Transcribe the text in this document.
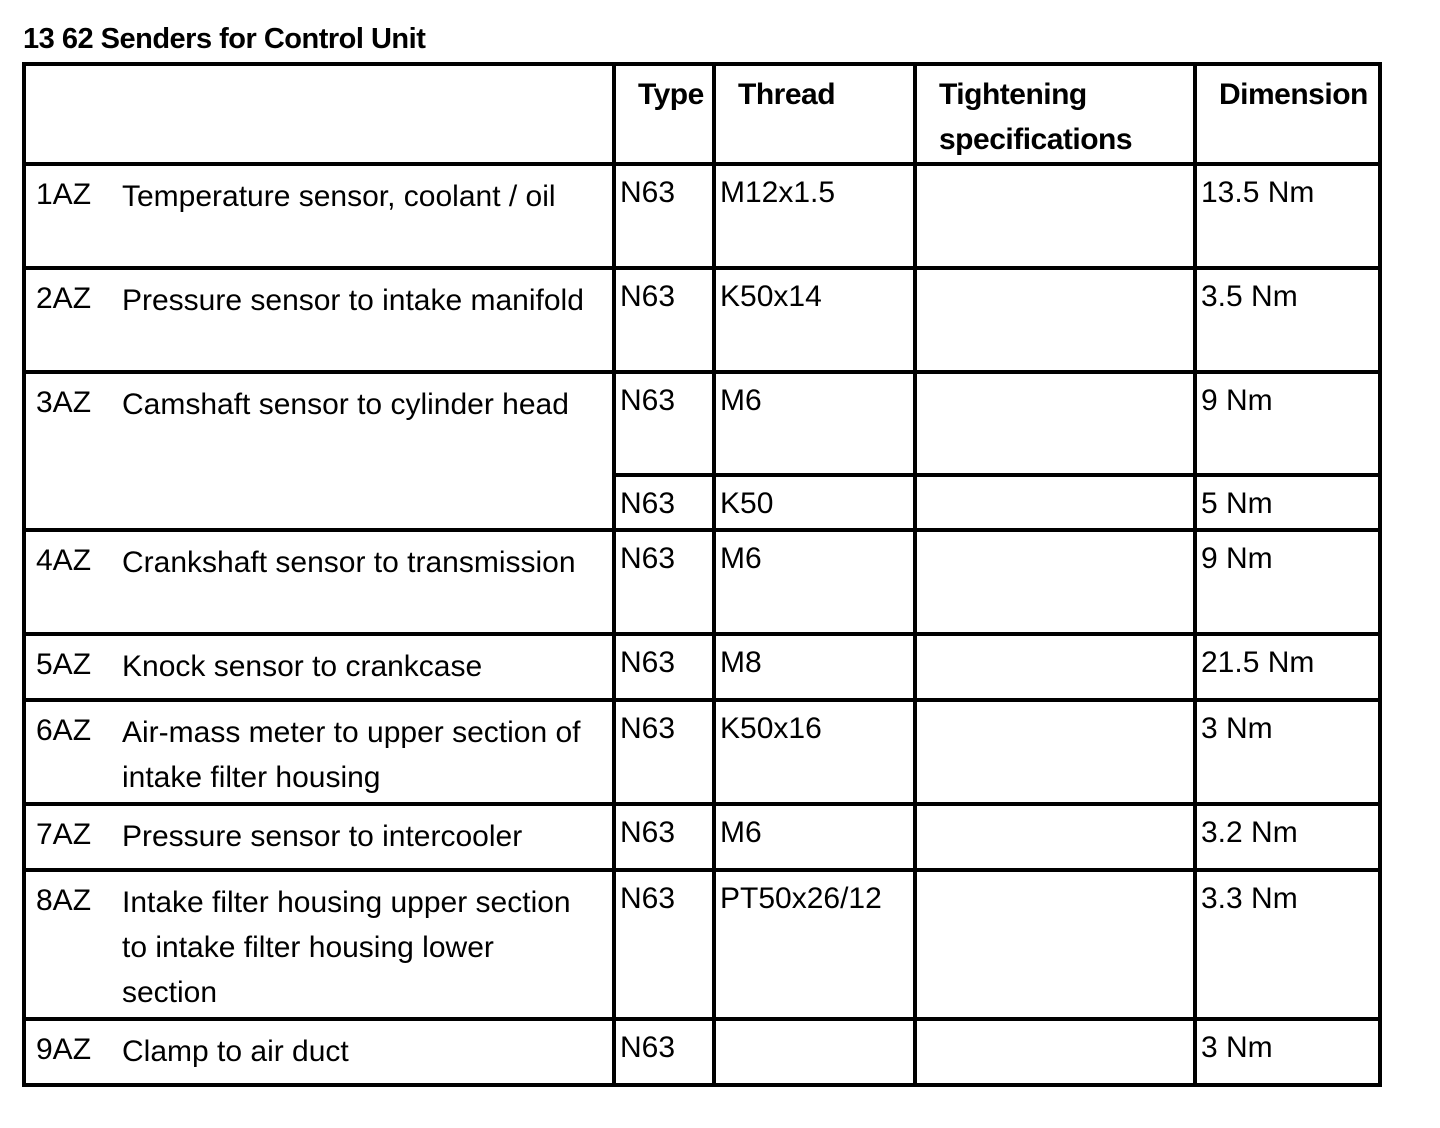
13 62 Senders for Control Unit
	Type	Thread	Tightening specifications	Dimension

1AZ Temperature sensor, coolant / oil	N63	M12x1.5		13.5 Nm

2AZ Pressure sensor to intake manifold	N63	K50x14		3.5 Nm

3AZ Camshaft sensor to cylinder head	N63	M6		9 Nm
	N63	K50		5 Nm

4AZ Crankshaft sensor to transmission	N63	M6		9 Nm

5AZ Knock sensor to crankcase	N63	M8		21.5 Nm

6AZ Air-mass meter to upper section of intake filter housing	N63	K50x16		3 Nm

7AZ Pressure sensor to intercooler	N63	M6		3.2 Nm

8AZ Intake filter housing upper section to intake filter housing lower section	N63	PT50x26/12		3.3 Nm

9AZ Clamp to air duct	N63			3 Nm
